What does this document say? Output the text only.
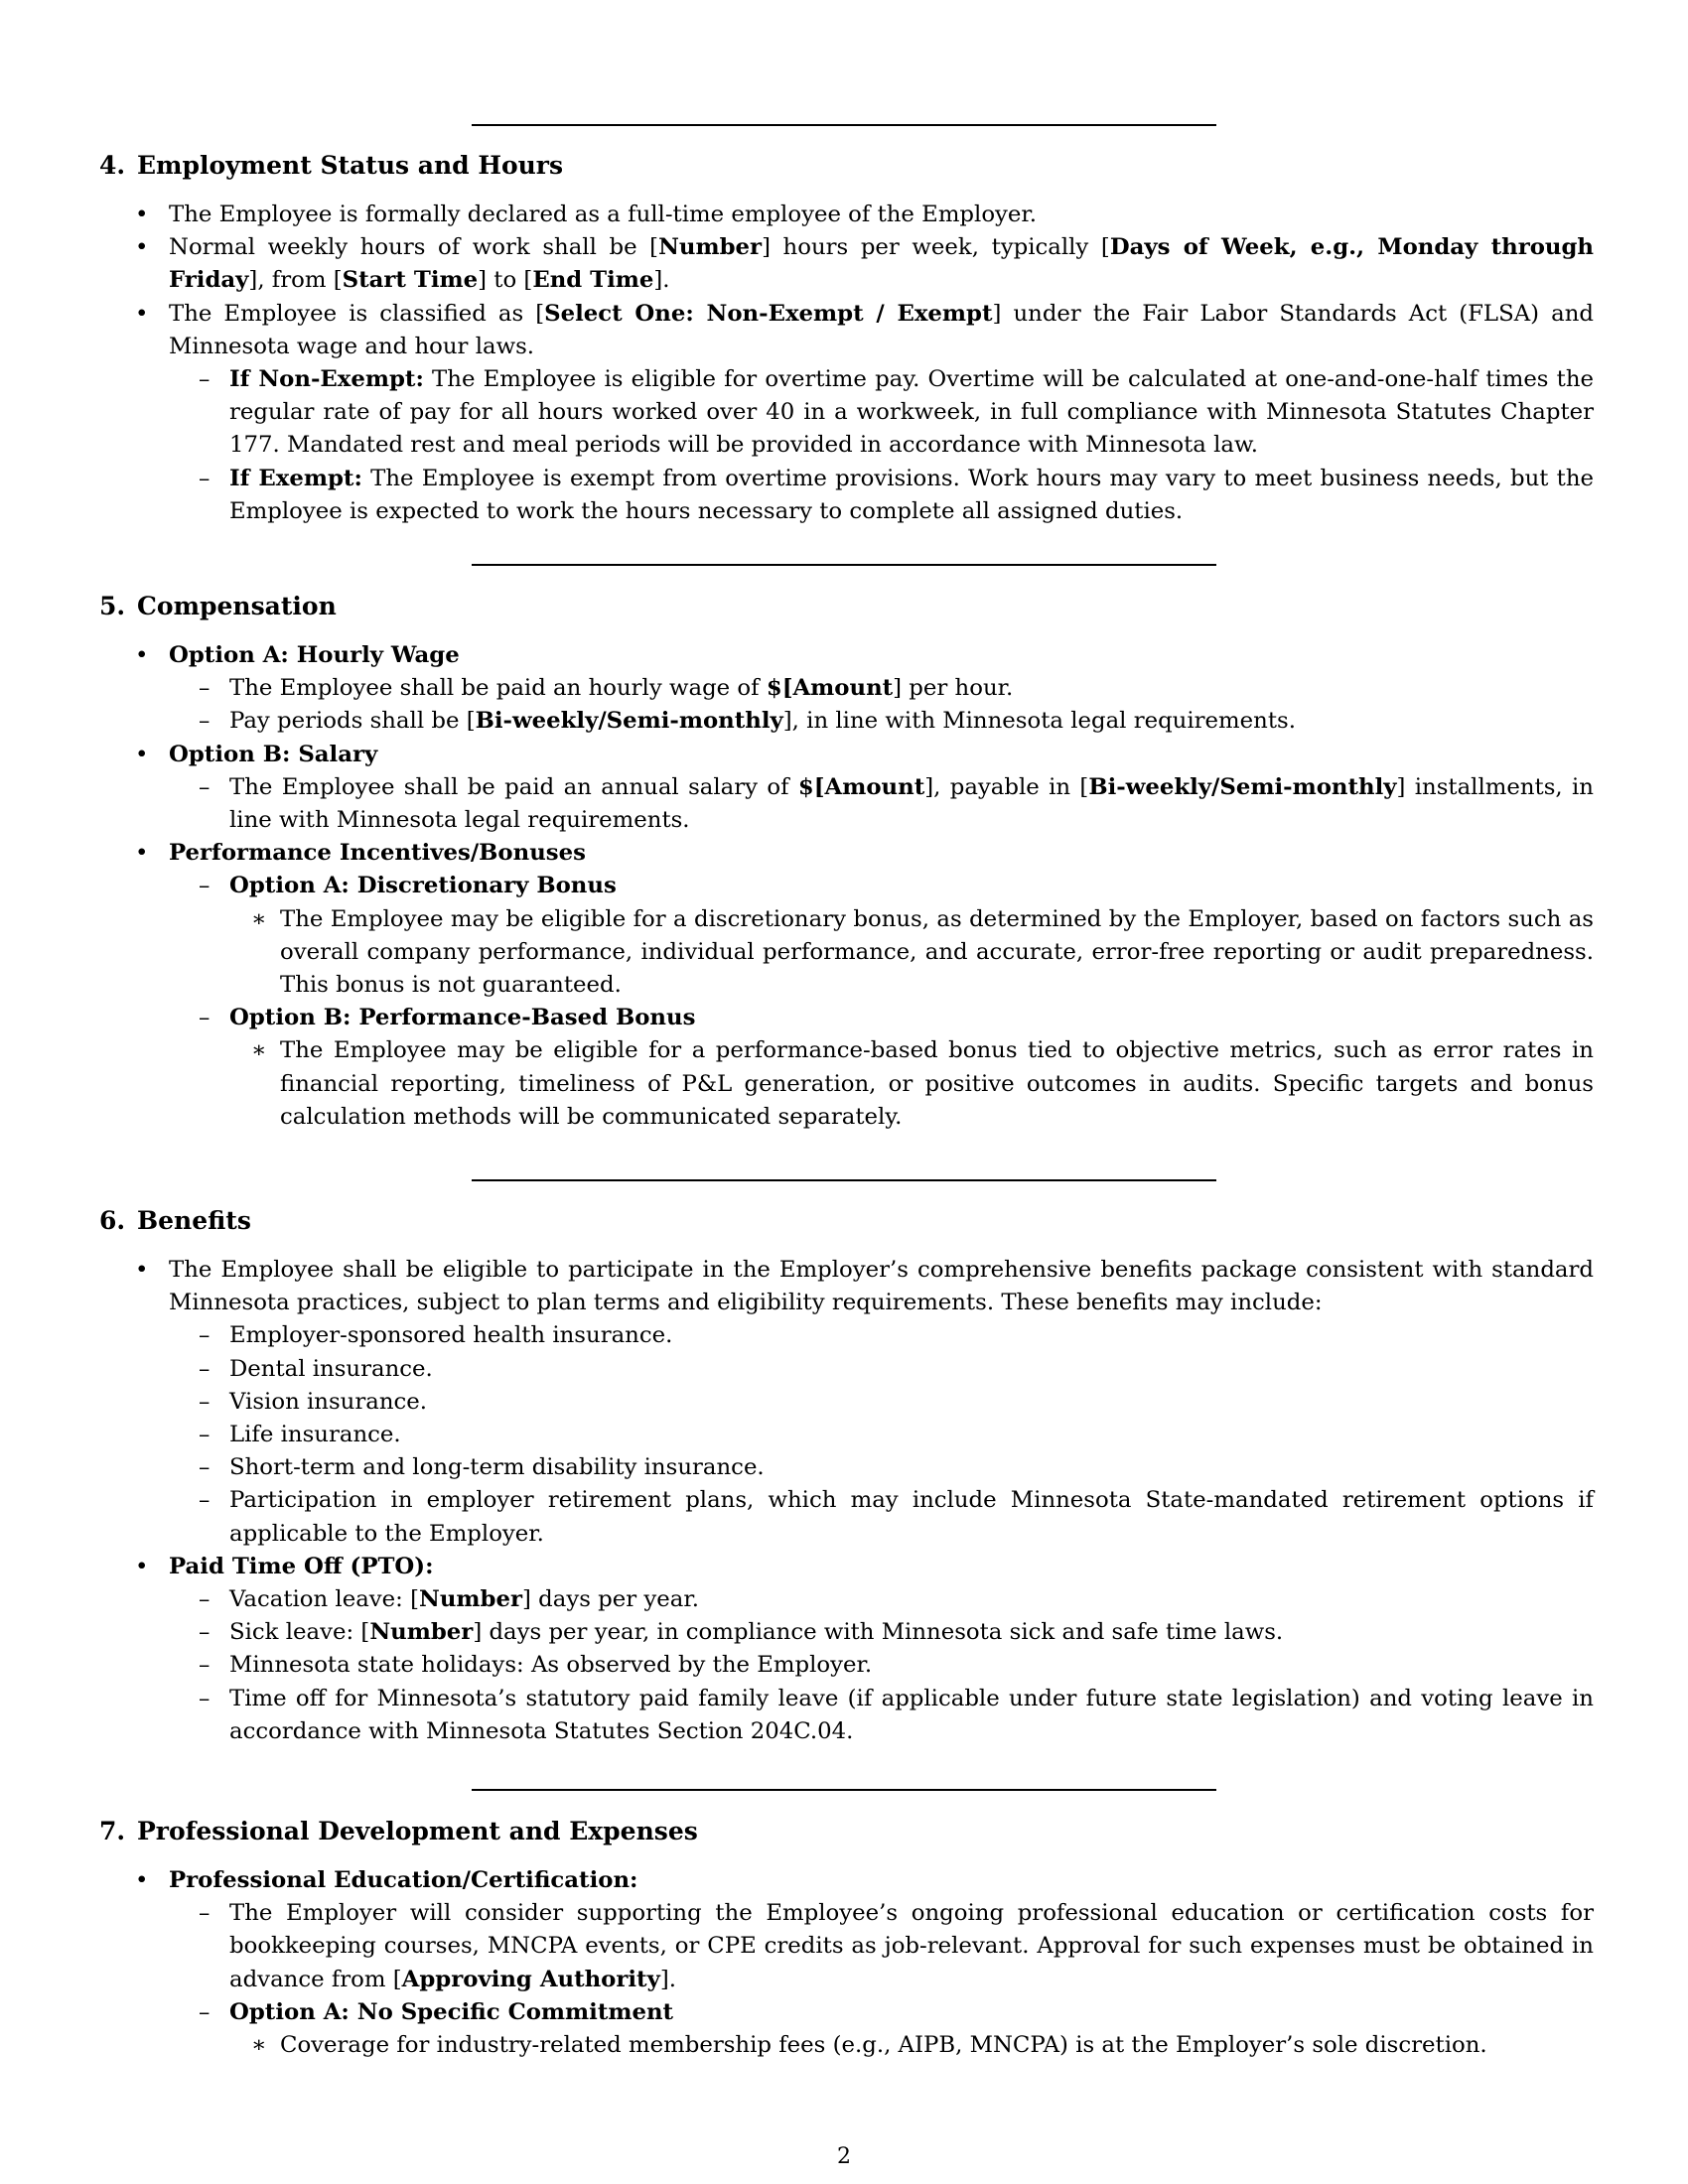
4. Employment Status and Hours
• The Employee is formally declared as a full-time employee of the Employer.
• Normal weekly hours of work shall be [Number] hours per week, typically [Days of Week, e.g., Monday through Friday], from [Start Time] to [End Time].
• The Employee is classified as [Select One: Non-Exempt / Exempt] under the Fair Labor Standards Act (FLSA) and Minnesota wage and hour laws.
– If Non-Exempt: The Employee is eligible for overtime pay. Overtime will be calculated at one-and-one-half times the regular rate of pay for all hours worked over 40 in a workweek, in full compliance with Minnesota Statutes Chapter 177. Mandated rest and meal periods will be provided in accordance with Minnesota law.
– If Exempt: The Employee is exempt from overtime provisions. Work hours may vary to meet business needs, but the Employee is expected to work the hours necessary to complete all assigned duties.
5. Compensation
• Option A: Hourly Wage
– The Employee shall be paid an hourly wage of $[Amount] per hour.
– Pay periods shall be [Bi-weekly/Semi-monthly], in line with Minnesota legal requirements.
• Option B: Salary
– The Employee shall be paid an annual salary of $[Amount], payable in [Bi-weekly/Semi-monthly] installments, in line with Minnesota legal requirements.
• Performance Incentives/Bonuses
– Option A: Discretionary Bonus
∗ The Employee may be eligible for a discretionary bonus, as determined by the Employer, based on factors such as overall company performance, individual performance, and accurate, error-free reporting or audit preparedness. This bonus is not guaranteed.
– Option B: Performance-Based Bonus
∗ The Employee may be eligible for a performance-based bonus tied to objective metrics, such as error rates in financial reporting, timeliness of P&L generation, or positive outcomes in audits. Specific targets and bonus calculation methods will be communicated separately.
6. Benefits
• The Employee shall be eligible to participate in the Employer’s comprehensive benefits package consistent with standard Minnesota practices, subject to plan terms and eligibility requirements. These benefits may include:
– Employer-sponsored health insurance.
– Dental insurance.
– Vision insurance.
– Life insurance.
– Short-term and long-term disability insurance.
– Participation in employer retirement plans, which may include Minnesota State-mandated retirement options if applicable to the Employer.
• Paid Time Off (PTO):
– Vacation leave: [Number] days per year.
– Sick leave: [Number] days per year, in compliance with Minnesota sick and safe time laws.
– Minnesota state holidays: As observed by the Employer.
– Time off for Minnesota’s statutory paid family leave (if applicable under future state legislation) and voting leave in accordance with Minnesota Statutes Section 204C.04.
7. Professional Development and Expenses
• Professional Education/Certification:
– The Employer will consider supporting the Employee’s ongoing professional education or certification costs for bookkeeping courses, MNCPA events, or CPE credits as job-relevant. Approval for such expenses must be obtained in advance from [Approving Authority].
– Option A: No Specific Commitment
∗ Coverage for industry-related membership fees (e.g., AIPB, MNCPA) is at the Employer’s sole discretion.
2
